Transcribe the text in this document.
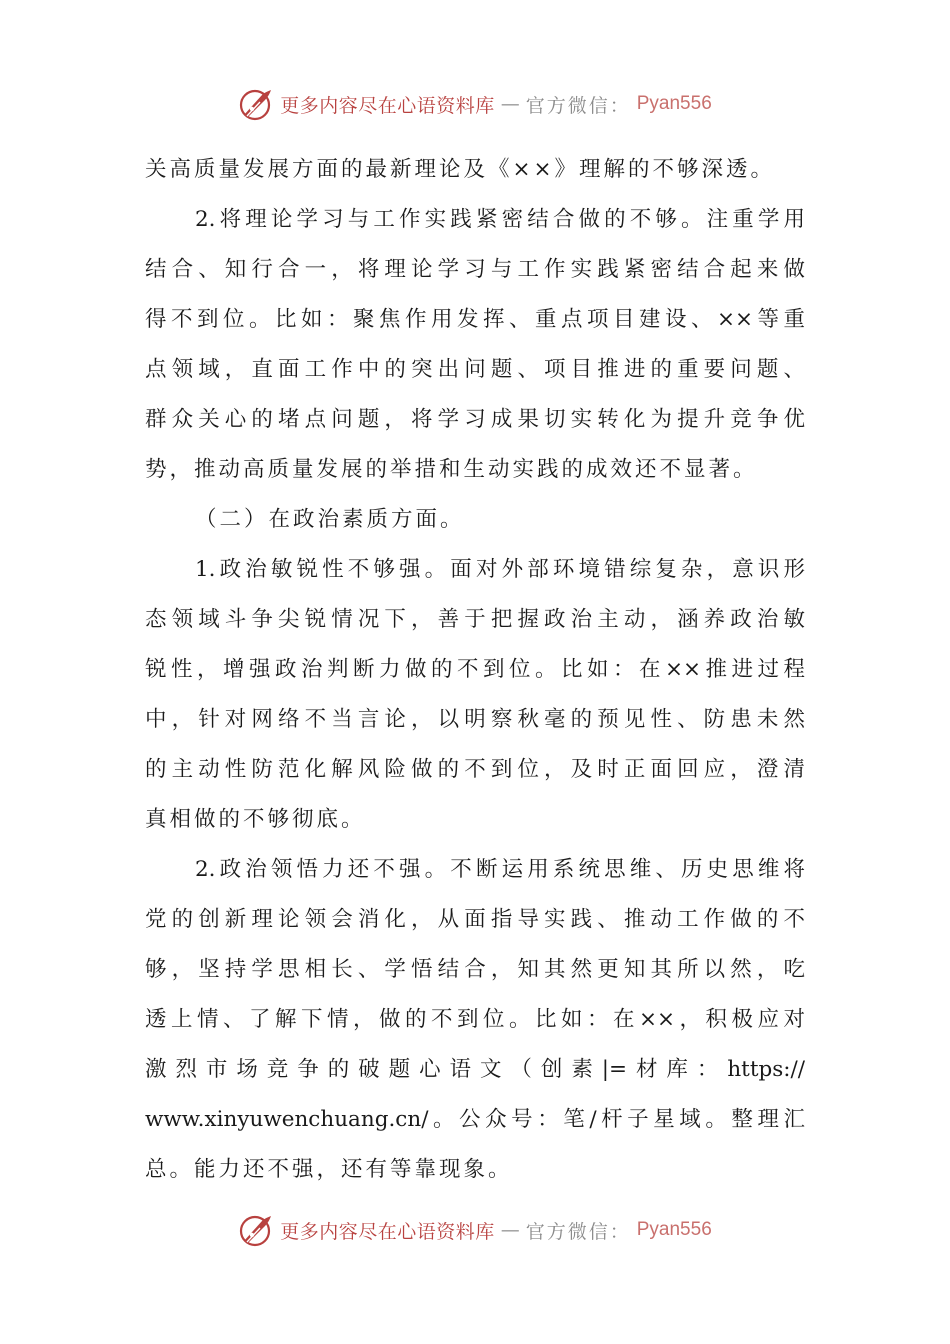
更多内容尽在心语资料库 — 官方微信： Pyan556
关高质量发展方面的最新理论及《××》理解的不够深透。
2.将理论学习与工作实践紧密结合做的不够。注重学用
结合、知行合一，将理论学习与工作实践紧密结合起来做
得不到位。比如：聚焦作用发挥、重点项目建设、××等重
点领域，直面工作中的突出问题、项目推进的重要问题、
群众关心的堵点问题，将学习成果切实转化为提升竞争优
势，推动高质量发展的举措和生动实践的成效还不显著。
（二）在政治素质方面。
1.政治敏锐性不够强。面对外部环境错综复杂，意识形
态领域斗争尖锐情况下，善于把握政治主动，涵养政治敏
锐性，增强政治判断力做的不到位。比如：在××推进过程
中，针对网络不当言论，以明察秋毫的预见性、防患未然
的主动性防范化解风险做的不到位，及时正面回应，澄清
真相做的不够彻底。
2.政治领悟力还不强。不断运用系统思维、历史思维将
党的创新理论领会消化，从面指导实践、推动工作做的不
够，坚持学思相长、学悟结合，知其然更知其所以然，吃
透上情、了解下情，做的不到位。比如：在××，积极应对
激烈市场竞争的破题心语文（创素|=材库：https://
www.xinyuwenchuang.cn/。公众号：笔/杆子星域。整理汇
总。能力还不强，还有等靠现象。
更多内容尽在心语资料库 — 官方微信： Pyan556
